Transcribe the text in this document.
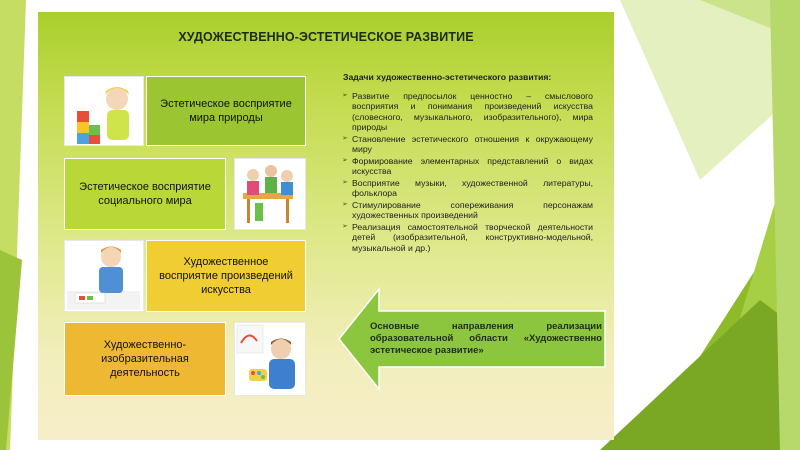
ХУДОЖЕСТВЕННО-ЭСТЕТИЧЕСКОЕ РАЗВИТИЕ
Эстетическое восприятие мира природы
Эстетическое восприятие социального мира
Художественное восприятие произведений искусства
Художественно-изобразительная деятельность
Задачи художественно-эстетического развития:
➢ Развитие предпосылок ценностно – смыслового восприятия и понимания произведений искусства (словесного, музыкального, изобразительного), мира природы
➢ Становление эстетического отношения к окружающему миру
➢ Формирование элементарных представлений о видах искусства
➢ Восприятие музыки, художественной литературы, фольклора
➢ Стимулирование сопереживания персонажам художественных произведений
➢ Реализация самостоятельной творческой деятельности детей (изобразительной, конструктивно-модельной, музыкальной и др.)
Основные направления реализации образовательной области «Художественно эстетическое развитие»
